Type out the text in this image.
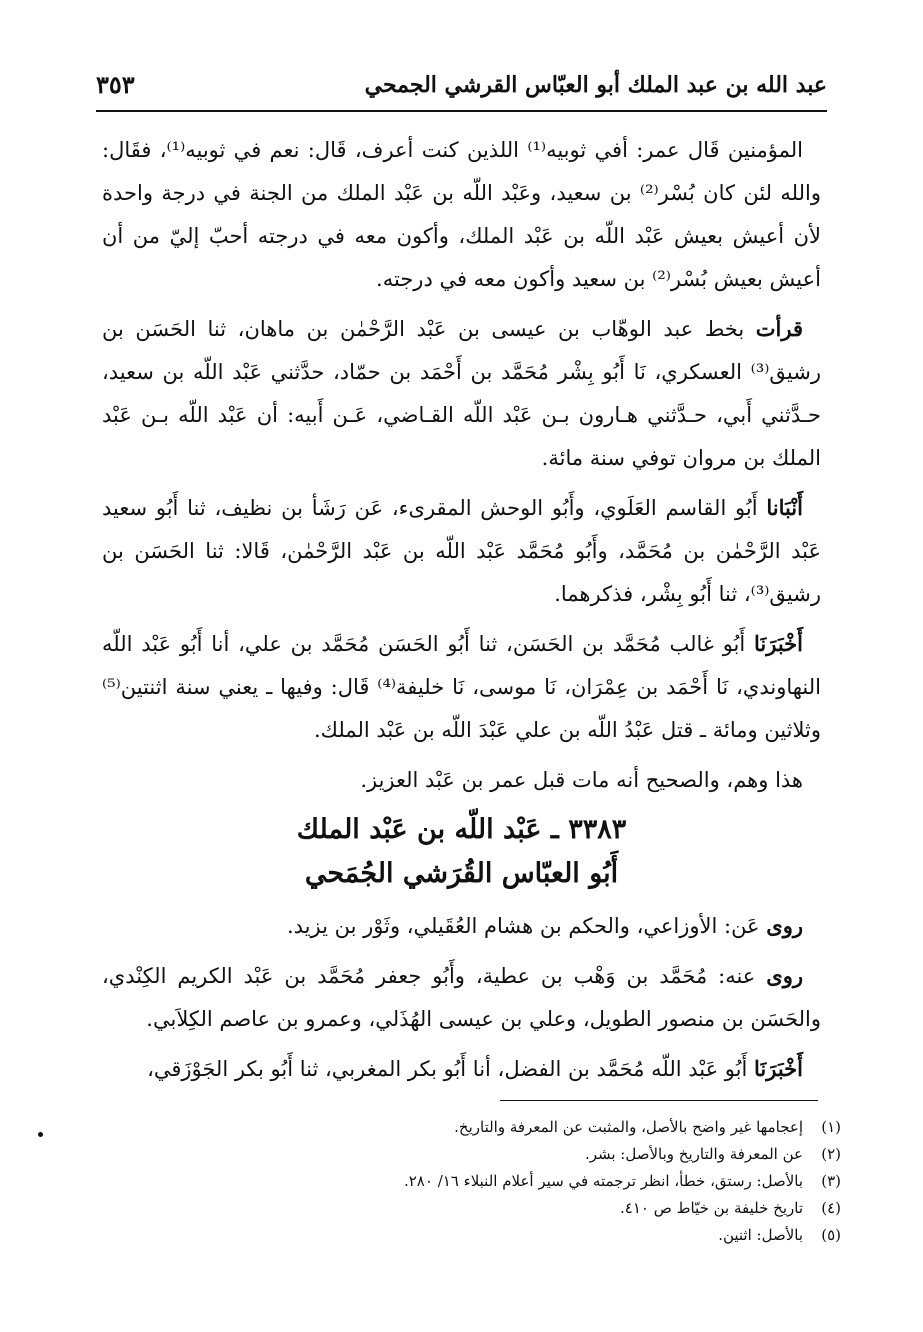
عبد الله بن عبد الملك أبو العبّاس القرشي الجمحي
٣٥٣

المؤمنين قَال عمر: أفي ثوبيه⁽¹⁾ اللذين كنت أعرف، قَال: نعم في ثوبيه⁽¹⁾، فقَال: والله لئن كان بُسْر⁽²⁾ بن سعيد، وعَبْد اللّه بن عَبْد الملك من الجنة في درجة واحدة لأن أعيش بعيش عَبْد اللّه بن عَبْد الملك، وأكون معه في درجته أحبّ إليّ من أن أعيش بعيش بُسْر⁽²⁾ بن سعيد وأكون معه في درجته.

قرأت بخط عبد الوهّاب بن عيسى بن عَبْد الرَّحْمٰن بن ماهان، ثنا الحَسَن بن رشيق⁽³⁾ العسكري، نَا أَبُو بِشْر مُحَمَّد بن أَحْمَد بن حمّاد، حدَّثني عَبْد اللّه بن سعيد، حـدَّثني أَبي، حـدَّثني هـارون بـن عَبْد اللّه القـاضي، عَـن أَبيه: أن عَبْد اللّه بـن عَبْد الملك بن مروان توفي سنة مائة.

أَنْبَانا أَبُو القاسم العَلَوي، وأَبُو الوحش المقرىء، عَن رَشَأ بن نظيف، ثنا أَبُو سعيد عَبْد الرَّحْمٰن بن مُحَمَّد، وأَبُو مُحَمَّد عَبْد اللّه بن عَبْد الرَّحْمٰن، قَالا: ثنا الحَسَن بن رشيق⁽³⁾، ثنا أَبُو بِشْر، فذكرهما.

أَخْبَرَنَا أَبُو غالب مُحَمَّد بن الحَسَن، ثنا أَبُو الحَسَن مُحَمَّد بن علي، أنا أَبُو عَبْد اللّه النهاوندي، نَا أَحْمَد بن عِمْرَان، نَا موسى، نَا خليفة⁽⁴⁾ قَال: وفيها ـ يعني سنة اثنتين⁽⁵⁾ وثلاثين ومائة ـ قتل عَبْدُ اللّه بن علي عَبْدَ اللّه بن عَبْد الملك.

هذا وهم، والصحيح أنه مات قبل عمر بن عَبْد العزيز.

٣٣٨٣ ـ عَبْد اللّه بن عَبْد الملك
أَبُو العبّاس القُرَشي الجُمَحي

روى عَن: الأوزاعي، والحكم بن هشام العُقَيلي، وثَوْر بن يزيد.

روى عنه: مُحَمَّد بن وَهْب بن عطية، وأَبُو جعفر مُحَمَّد بن عَبْد الكريم الكِنْدي، والحَسَن بن منصور الطويل، وعلي بن عيسى الهُذَلي، وعمرو بن عاصم الكِلاَبي.

أَخْبَرَنَا أَبُو عَبْد اللّه مُحَمَّد بن الفضل، أنا أَبُو بكر المغربي، ثنا أَبُو بكر الجَوْزَقي،

(١)إعجامها غير واضح بالأصل، والمثبت عن المعرفة والتاريخ.
(٢)عن المعرفة والتاريخ وبالأصل: بشر.
(٣)بالأصل: رستق، خطأ، انظر ترجمته في سير أعلام النبلاء ١٦/ ٢٨٠.
(٤)تاريخ خليفة بن خيّاط ص ٤١٠.
(٥)بالأصل: اثنين.
